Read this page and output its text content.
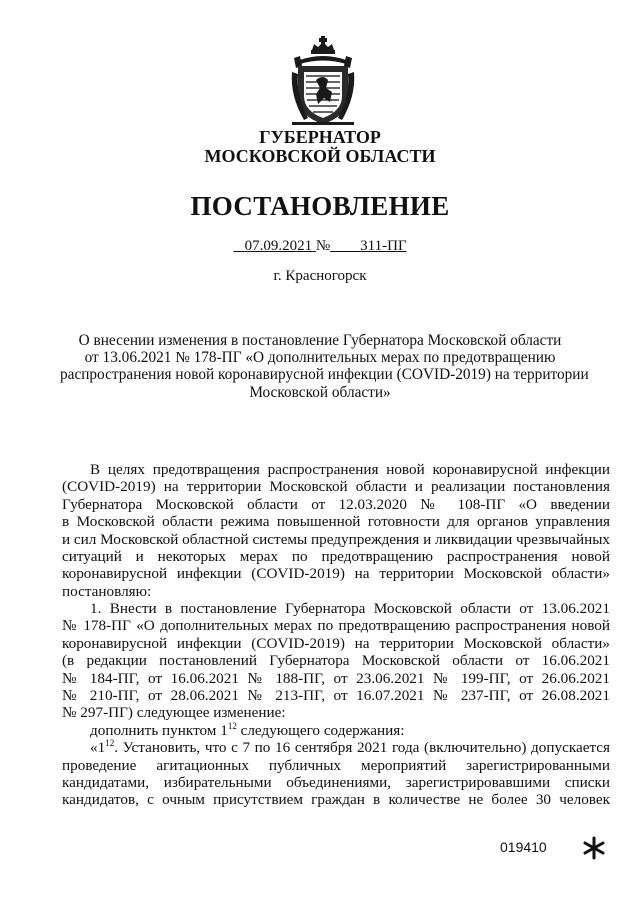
ГУБЕРНАТОР
МОСКОВСКОЙ ОБЛАСТИ
ПОСТАНОВЛЕНИЕ
07.09.2021 № 311-ПГ
г. Красногорск
О внесении изменения в постановление Губернатора Московской области
от 13.06.2021 № 178-ПГ «О дополнительных мерах по предотвращению
распространения новой коронавирусной инфекции (COVID-2019) на территории
Московской области»
В целях предотвращения распространения новой коронавирусной инфекции
(COVID-2019) на территории Московской области и реализации постановления
Губернатора Московской области от 12.03.2020 № 108-ПГ «О введении
в Московской области режима повышенной готовности для органов управления
и сил Московской областной системы предупреждения и ликвидации чрезвычайных
ситуаций и некоторых мерах по предотвращению распространения новой
коронавирусной инфекции (COVID-2019) на территории Московской области»
постановляю:
1. Внести в постановление Губернатора Московской области от 13.06.2021
№ 178-ПГ «О дополнительных мерах по предотвращению распространения новой
коронавирусной инфекции (COVID-2019) на территории Московской области»
(в редакции постановлений Губернатора Московской области от 16.06.2021
№ 184-ПГ, от 16.06.2021 № 188-ПГ, от 23.06.2021 № 199-ПГ, от 26.06.2021
№ 210-ПГ, от 28.06.2021 № 213-ПГ, от 16.07.2021 № 237-ПГ, от 26.08.2021
№ 297-ПГ) следующее изменение:
дополнить пунктом $1^{12}$ следующего содержания:
«$1^{12}$. Установить, что с 7 по 16 сентября 2021 года (включительно) допускается
проведение агитационных публичных мероприятий зарегистрированными
кандидатами, избирательными объединениями, зарегистрировавшими списки
кандидатов, с очным присутствием граждан в количестве не более 30 человек
019410
